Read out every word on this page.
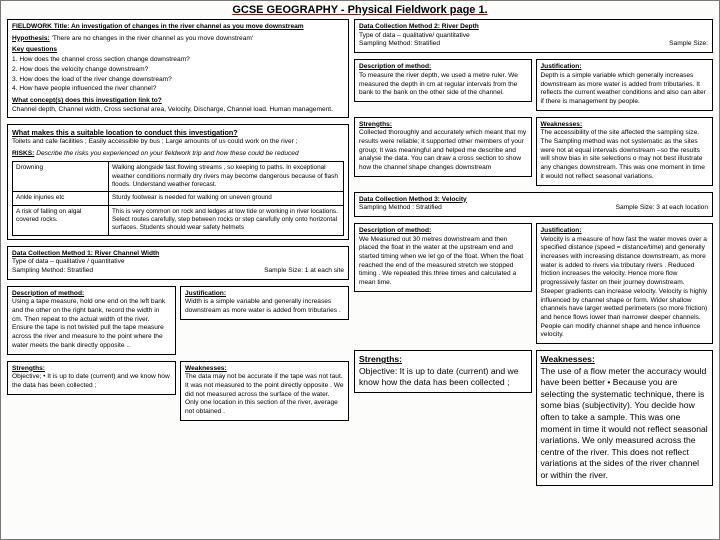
GCSE GEOGRAPHY - Physical Fieldwork page 1.
FIELDWORK Title: An investigation of changes in the river channel as you move downstream
Hypothesis: 'There are no changes in the river channel as you move downstream'
Key questions
1. How does the channel cross section change downstream?
2. How does the velocity change downstream?
3. How does the load of the river change downstream?
4. How have people influenced the river channel?
What concept(s) does this investigation link to?
Channel depth, Channel width, Cross sectional area, Velocity, Discharge, Channel load. Human management.
What makes this a suitable location to conduct this investigation?
Toilets and cafe facilities ; Easily accessible by bus ; Large amounts of us could work on the river ;
RISKS: Describe the risks you experienced on your fieldwork trip and how these could be reduced
Drowning	Walking alongside fast flowing streams , so keeping to paths. In exceptional weather conditions normally dry rivers may become dangerous because of flash floods. Understand weather forecast.
Ankle injuries etc	Sturdy footwear is needed for walking on uneven ground
A risk of falling on algal covered rocks.	This is very common on rock and ledges at low tide or working in river locations. Select routes carefully, step between rocks or step carefully only onto horizontal surfaces. Students should wear safety helmets
Data Collection Method 1: River Channel Width
Type of data – qualitative / quantitative
Sampling Method: Stratified	Sample Size: 1 at each site
Description of method:
Using a tape measure, hold one end on the left bank and the other on the right bank, record the width in cm. Then repeat to the actual width of the river. Ensure the tape is not twisted pull the tape measure across the river and measure to the point where the water meets the bank directly opposite ..
Justification:
Width is a simple variable and generally increases downstream as more water is added from tributaries .
Strengths:
Objective; • It is up to date (current) and we know how the data has been collected ;
Weaknesses:
The data may not be accurate if the tape was not taut. It was not measured to the point directly opposite . We did not measured across the surface of the water. Only one location in this section of the river, average not obtained .
Data Collection Method 2: River Depth
Type of data – qualitative/ quantitative
Sampling Method: Stratified	Sample Size:
Description of method:
To measure the river depth, we used a metre ruler. We measured the depth in cm at regular intervals from the bank to the bank on the other side of the channel.
Justification:
Depth is a simple variable which generally increases downstream as more water is added from tributaries. It reflects the current weather conditions and also can alter if there is management by people.
Strengths:
Collected thoroughly and accurately which meant that my results were reliable; it supported other members of your group; It was meaningful and helped me describe and analyse the data. You can draw a cross section to show how the channel shape changes downstream
Weaknesses:
The accessibility of the site affected the sampling size. The Sampling method was not systematic as the sites were not at equal intervals downstream –so the results will show bias in site selections o may not best illustrate any changes downstream. This was one moment in time it would not reflect seasonal variations.
Data Collection Method 3: Velocity
Sampling Method : Stratified	Sample Size: 3 at each location
Description of method:
We Measured out 30 metres downstream and then placed the float in the water at the upstream end and started timing when we let go of the float. When the float reached the end of the measured stretch we stopped timing . We repeated this three times and calculated a mean time.
Justification:
Velocity is a measure of how fast the water moves over a specified distance (speed = distance/time) and generally increases with increasing distance downstream, as more water is added to rivers via tributary rivers . Reduced friction increases the velocity. Hence more flow progressively faster on their journey downstream. Steeper gradients can increase velocity. Velocity is highly influenced by channel shape or form. Wider shallow channels have larger wetted perimeters (so more friction) and hence flows lower than narrower deeper channels. People can modify channel shape and hence influence velocity.
Strengths:
Objective: It is up to date (current) and we know how the data has been collected ;
Weaknesses:
The use of a flow meter the accuracy would have been better • Because you are selecting the systematic technique, there is some bias (subjectivity). You decide how often to take a sample. This was one moment in time it would not reflect seasonal variations. We only measured across the centre of the river. This does not reflect variations at the sides of the river channel or within the river.
